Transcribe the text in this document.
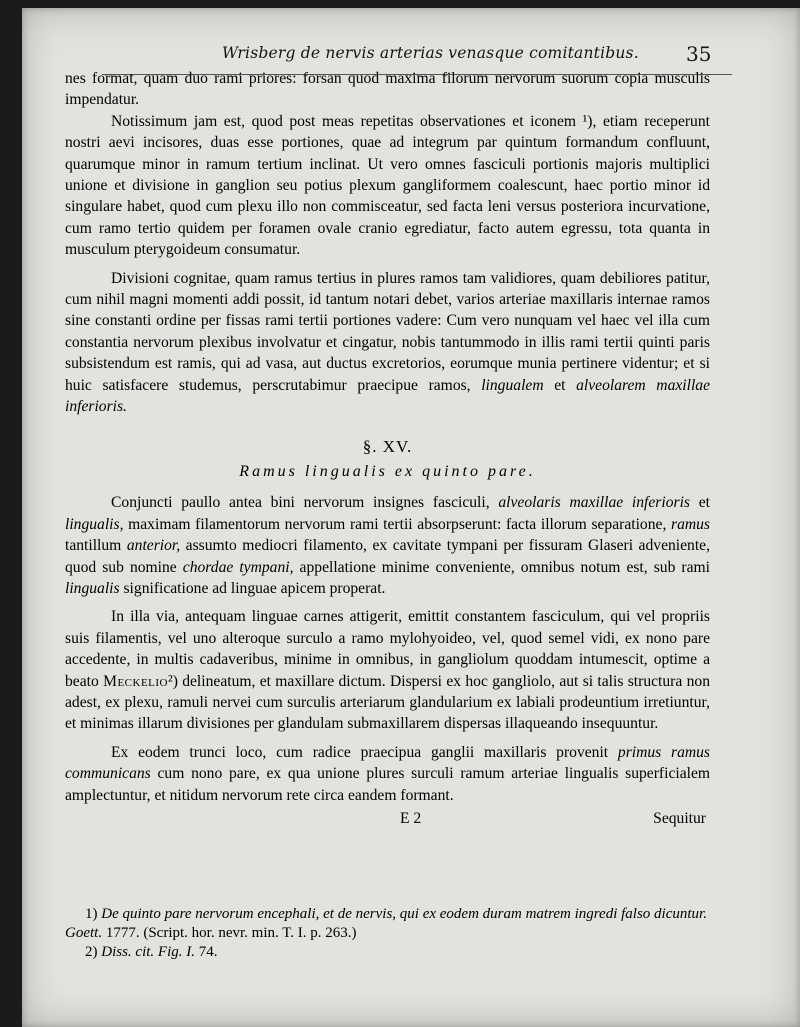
Wrisberg de nervis arterias venasque comitantibus. 35

nes format, quam duo rami priores: forsan quod maxima filorum nervorum suorum copia musculis impendatur.

Notissimum jam est, quod post meas repetitas observationes et iconem ¹), etiam receperunt nostri aevi incisores, duas esse portiones, quae ad integrum par quintum formandum confluunt, quarumque minor in ramum tertium inclinat. Ut vero omnes fasciculi portionis majoris multiplici unione et divisione in ganglion seu potius plexum gangliformem coalescunt, haec portio minor id singulare habet, quod cum plexu illo non commisceatur, sed facta leni versus posteriora incurvatione, cum ramo tertio quidem per foramen ovale cranio egrediatur, facto autem egressu, tota quanta in musculum pterygoideum consumatur.

Divisioni cognitae, quam ramus tertius in plures ramos tam validiores, quam debiliores patitur, cum nihil magni momenti addi possit, id tantum notari debet, varios arteriae maxillaris internae ramos sine constanti ordine per fissas rami tertii portiones vadere: Cum vero nunquam vel haec vel illa cum constantia nervorum plexibus involvatur et cingatur, nobis tantummodo in illis rami tertii quinti paris subsistendum est ramis, qui ad vasa, aut ductus excretorios, eorumque munia pertinere videntur; et si huic satisfacere studemus, perscrutabimur praecipue ramos, lingualem et alveolarem maxillae inferioris.

§. XV.
Ramus lingualis ex quinto pare.

Conjuncti paullo antea bini nervorum insignes fasciculi, alveolaris maxillae inferioris et lingualis, maximam filamentorum nervorum rami tertii absorpserunt: facta illorum separatione, ramus tantillum anterior, assumto mediocri filamento, ex cavitate tympani per fissuram Glaseri adveniente, quod sub nomine chordae tympani, appellatione minime conveniente, omnibus notum est, sub rami lingualis significatione ad linguae apicem properat.

In illa via, antequam linguae carnes attigerit, emittit constantem fasciculum, qui vel propriis suis filamentis, vel uno alteroque surculo a ramo mylohyoideo, vel, quod semel vidi, ex nono pare accedente, in multis cadaveribus, minime in omnibus, in gangliolum quoddam intumescit, optime a beato Meckelio²) delineatum, et maxillare dictum. Dispersi ex hoc gangliolo, aut si talis structura non adest, ex plexu, ramuli nervei cum surculis arteriarum glandularium ex labiali prodeuntium irretiuntur, et minimas illarum divisiones per glandulam submaxillarem dispersas illaqueando insequuntur.

Ex eodem trunci loco, cum radice praecipua ganglii maxillaris provenit primus ramus communicans cum nono pare, ex qua unione plures surculi ramum arteriae lingualis superficialem amplectuntur, et nitidum nervorum rete circa eandem formant.

E 2	Sequitur

1) De quinto pare nervorum encephali, et de nervis, qui ex eodem duram matrem ingredi falso dicuntur. Goett. 1777. (Script. hor. nevr. min. T. I. p. 263.)

2) Diss. cit. Fig. I. 74.
